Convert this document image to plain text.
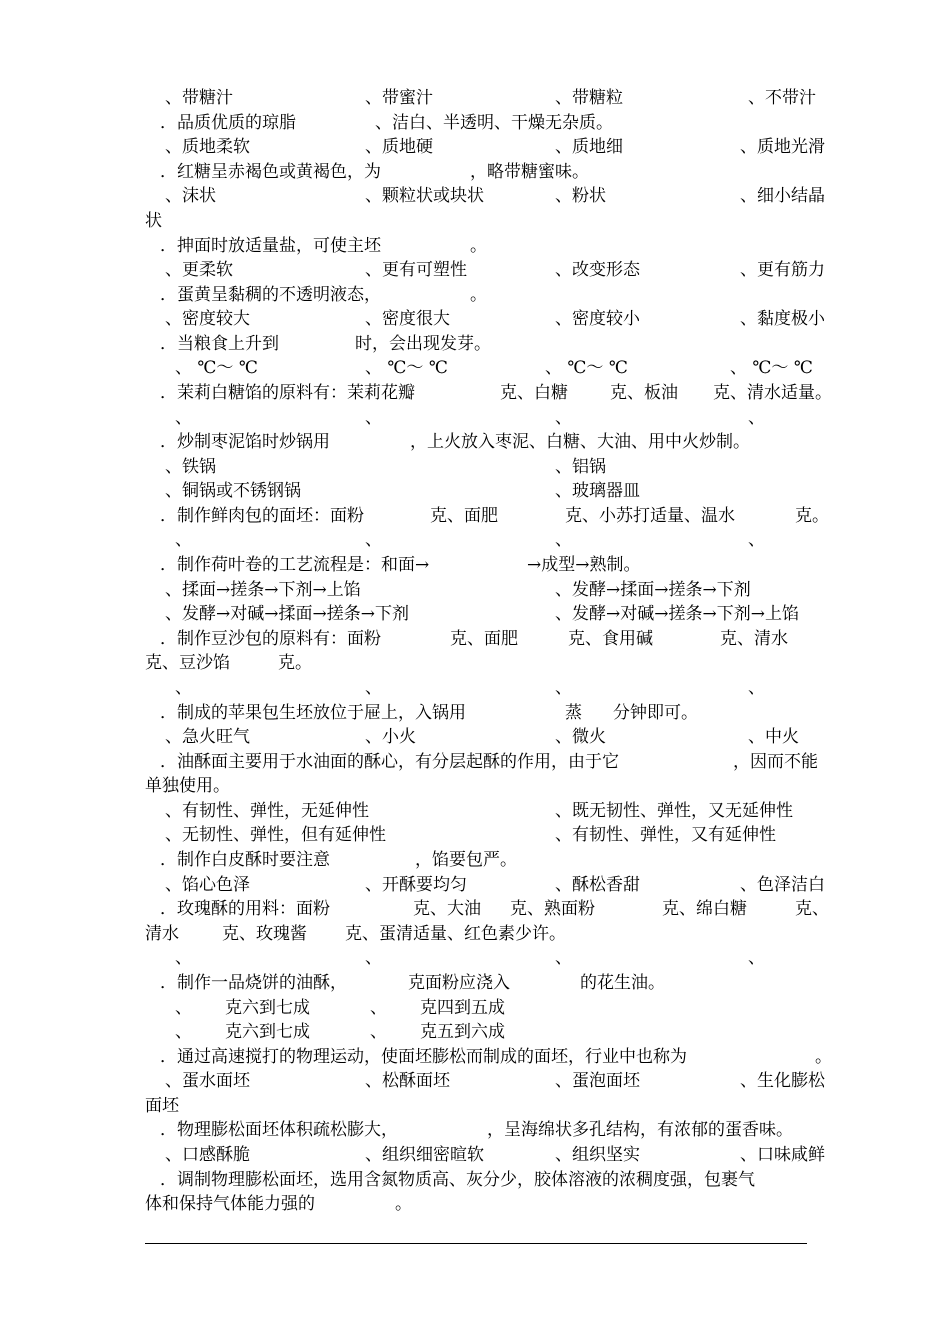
、带糖汁	、带蜜汁	、带糖粒	、不带汁
．品质优质的琼脂	、洁白、半透明、干燥无杂质。
、质地柔软	、质地硬	、质地细	、质地光滑
．红糖呈赤褐色或黄褐色，为	，略带糖蜜味。
、沫状	、颗粒状或块状	、粉状	、细小结晶
状
．抻面时放适量盐，可使主坯	。
、更柔软	、更有可塑性	、改变形态	、更有筋力
．蛋黄呈黏稠的不透明液态，	。
、密度较大	、密度很大	、密度较小	、黏度极小
．当粮食上升到	时，会出现发芽。
、 ℃～ ℃	、 ℃～ ℃	、 ℃～ ℃	、 ℃～ ℃
．茉莉白糖馅的原料有：茉莉花瓣	克、白糖 克、板油 克、清水适量。
、	、	、	、
．炒制枣泥馅时炒锅用	，上火放入枣泥、白糖、大油、用中火炒制。
、铁锅	、铝锅
、铜锅或不锈钢锅	、玻璃器皿
．制作鲜肉包的面坯：面粉	克、面肥	克、小苏打适量、温水	克。
、	、	、	、
．制作荷叶卷的工艺流程是：和面→	→成型→熟制。
、揉面→搓条→下剂→上馅	、发酵→揉面→搓条→下剂
、发酵→对碱→揉面→搓条→下剂	、发酵→对碱→搓条→下剂→上馅
．制作豆沙包的原料有：面粉	克、面肥	克、食用碱	克、清水
克、豆沙馅	克。
、	、	、	、
．制成的苹果包生坯放位于屉上，入锅用	蒸 分钟即可。
、急火旺气	、小火	、微火	、中火
．油酥面主要用于水油面的酥心，有分层起酥的作用，由于它	，因而不能
单独使用。
、有韧性、弹性，无延伸性	、既无韧性、弹性，又无延伸性
、无韧性、弹性，但有延伸性	、有韧性、弹性，又有延伸性
．制作白皮酥时要注意	，馅要包严。
、馅心色泽	、开酥要均匀	、酥松香甜	、色泽洁白
．玫瑰酥的用料：面粉	克、大油 克、熟面粉	克、绵白糖	克、
清水	克、玫瑰酱 克、蛋清适量、红色素少许。
、	、	、	、
．制作一品烧饼的油酥，	克面粉应浇入	的花生油。
、 克六到七成	、 克四到五成
、 克六到七成	、 克五到六成
．通过高速搅打的物理运动，使面坯膨松而制成的面坯，行业中也称为	。
、蛋水面坯	、松酥面坯	、蛋泡面坯	、生化膨松
面坯
．物理膨松面坯体积疏松膨大，	，呈海绵状多孔结构，有浓郁的蛋香味。
、口感酥脆	、组织细密暄软	、组织坚实	、口味咸鲜
．调制物理膨松面坯，选用含氮物质高、灰分少，胶体溶液的浓稠度强，包裹气
体和保持气体能力强的	。
